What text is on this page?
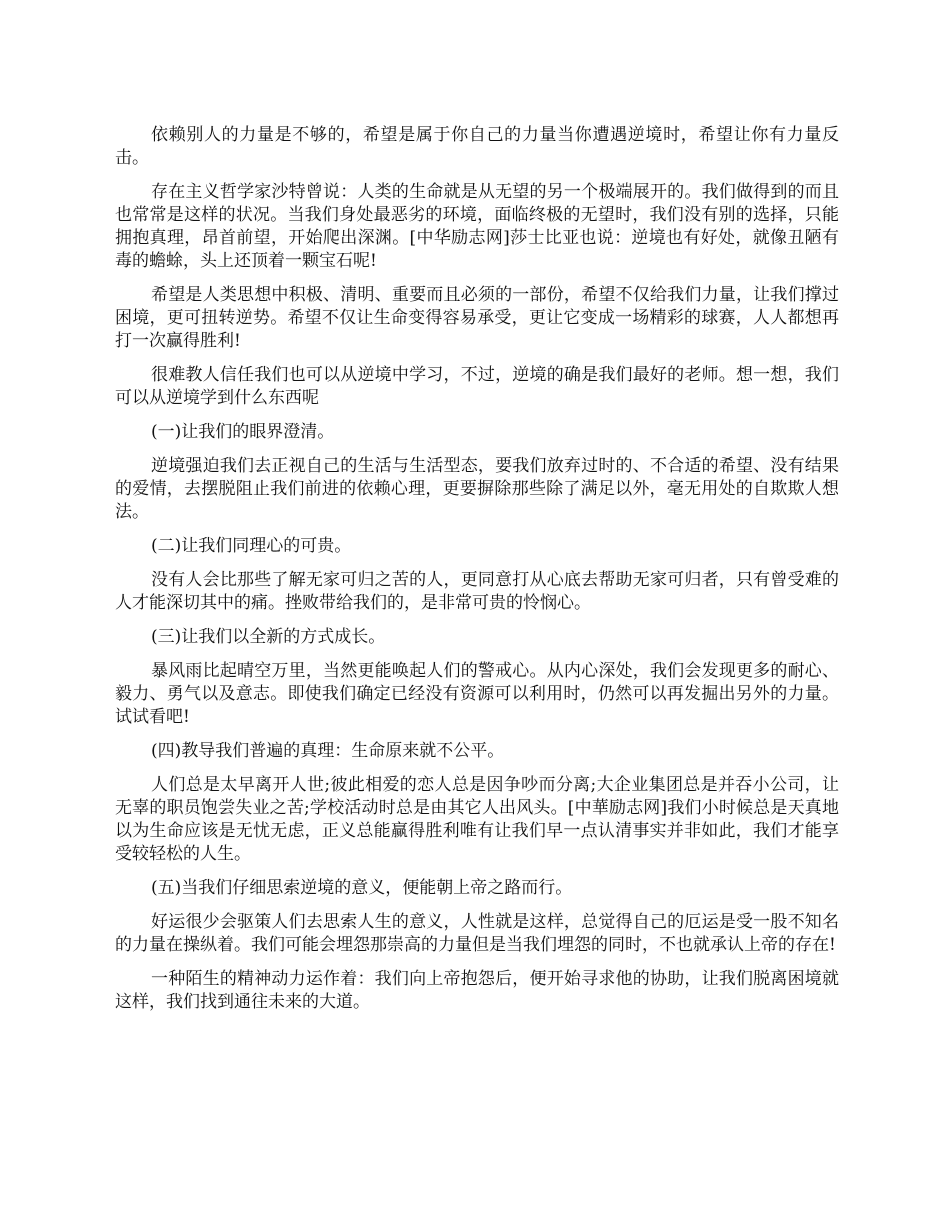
依赖别人的力量是不够的，希望是属于你自己的力量当你遭遇逆境时，希望让你有力量反击。

存在主义哲学家沙特曾说：人类的生命就是从无望的另一个极端展开的。我们做得到的而且也常常是这样的状况。当我们身处最恶劣的环境，面临终极的无望时，我们没有别的选择，只能拥抱真理，昂首前望，开始爬出深渊。[中华励志网]莎士比亚也说：逆境也有好处，就像丑陋有毒的蟾蜍，头上还顶着一颗宝石呢!

希望是人类思想中积极、清明、重要而且必须的一部份，希望不仅给我们力量，让我们撑过困境，更可扭转逆势。希望不仅让生命变得容易承受，更让它变成一场精彩的球赛，人人都想再打一次赢得胜利!

很难教人信任我们也可以从逆境中学习，不过，逆境的确是我们最好的老师。想一想，我们可以从逆境学到什么东西呢

(一)让我们的眼界澄清。

逆境强迫我们去正视自己的生活与生活型态，要我们放弃过时的、不合适的希望、没有结果的爱情，去摆脱阻止我们前进的依赖心理，更要摒除那些除了满足以外，毫无用处的自欺欺人想法。

(二)让我们同理心的可贵。

没有人会比那些了解无家可归之苦的人，更同意打从心底去帮助无家可归者，只有曾受难的人才能深切其中的痛。挫败带给我们的，是非常可贵的怜悯心。

(三)让我们以全新的方式成长。

暴风雨比起晴空万里，当然更能唤起人们的警戒心。从内心深处，我们会发现更多的耐心、毅力、勇气以及意志。即使我们确定已经没有资源可以利用时，仍然可以再发掘出另外的力量。试试看吧!

(四)教导我们普遍的真理：生命原来就不公平。

人们总是太早离开人世;彼此相爱的恋人总是因争吵而分离;大企业集团总是并吞小公司，让无辜的职员饱尝失业之苦;学校活动时总是由其它人出风头。[中華励志网]我们小时候总是天真地以为生命应该是无忧无虑，正义总能赢得胜利唯有让我们早一点认清事实并非如此，我们才能享受较轻松的人生。

(五)当我们仔细思索逆境的意义，便能朝上帝之路而行。

好运很少会驱策人们去思索人生的意义，人性就是这样，总觉得自己的厄运是受一股不知名的力量在操纵着。我们可能会埋怨那崇高的力量但是当我们埋怨的同时，不也就承认上帝的存在!

一种陌生的精神动力运作着：我们向上帝抱怨后，便开始寻求他的协助，让我们脱离困境就这样，我们找到通往未来的大道。
